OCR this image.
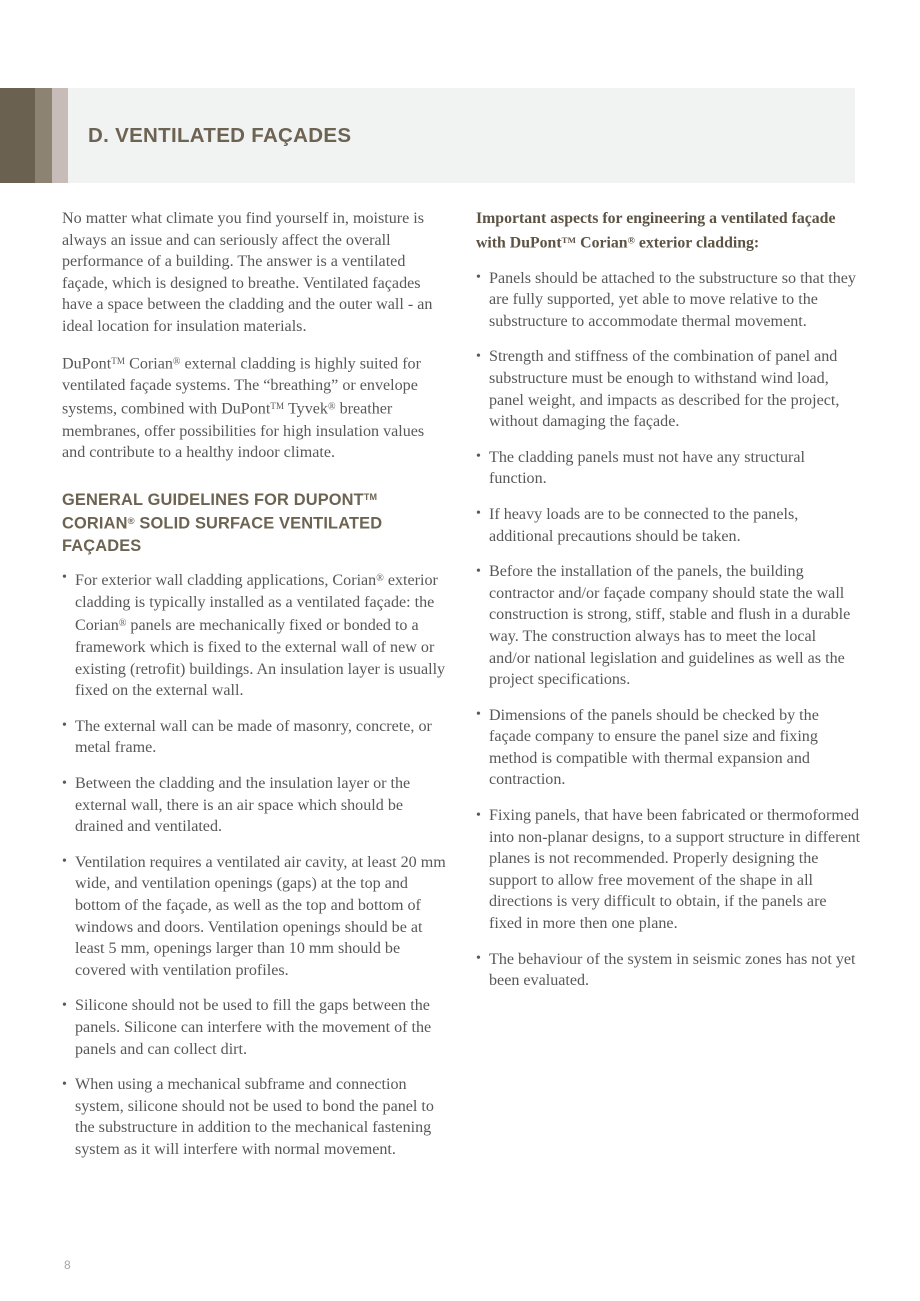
D. VENTILATED FAÇADES

No matter what climate you find yourself in, moisture is always an issue and can seriously affect the overall performance of a building. The answer is a ventilated façade, which is designed to breathe. Ventilated façades have a space between the cladding and the outer wall - an ideal location for insulation materials.

DuPont™ Corian® external cladding is highly suited for ventilated façade systems. The “breathing” or envelope systems, combined with DuPont™ Tyvek® breather membranes, offer possibilities for high insulation values and contribute to a healthy indoor climate.

GENERAL GUIDELINES FOR DUPONT™ CORIAN® SOLID SURFACE VENTILATED FAÇADES
• For exterior wall cladding applications, Corian® exterior cladding is typically installed as a ventilated façade: the Corian® panels are mechanically fixed or bonded to a framework which is fixed to the external wall of new or existing (retrofit) buildings. An insulation layer is usually fixed on the external wall.
• The external wall can be made of masonry, concrete, or metal frame.
• Between the cladding and the insulation layer or the external wall, there is an air space which should be drained and ventilated.
• Ventilation requires a ventilated air cavity, at least 20 mm wide, and ventilation openings (gaps) at the top and bottom of the façade, as well as the top and bottom of windows and doors. Ventilation openings should be at least 5 mm, openings larger than 10 mm should be covered with ventilation profiles.
• Silicone should not be used to fill the gaps between the panels. Silicone can interfere with the movement of the panels and can collect dirt.
• When using a mechanical subframe and connection system, silicone should not be used to bond the panel to the substructure in addition to the mechanical fastening system as it will interfere with normal movement.
Important aspects for engineering a ventilated façade with DuPont™ Corian® exterior cladding:
• Panels should be attached to the substructure so that they are fully supported, yet able to move relative to the substructure to accommodate thermal movement.
• Strength and stiffness of the combination of panel and substructure must be enough to withstand wind load, panel weight, and impacts as described for the project, without damaging the façade.
• The cladding panels must not have any structural function.
• If heavy loads are to be connected to the panels, additional precautions should be taken.
• Before the installation of the panels, the building contractor and/or façade company should state the wall construction is strong, stiff, stable and flush in a durable way. The construction always has to meet the local and/or national legislation and guidelines as well as the project specifications.
• Dimensions of the panels should be checked by the façade company to ensure the panel size and fixing method is compatible with thermal expansion and contraction.
• Fixing panels, that have been fabricated or thermoformed into non-planar designs, to a support structure in different planes is not recommended. Properly designing the support to allow free movement of the shape in all directions is very difficult to obtain, if the panels are fixed in more then one plane.
• The behaviour of the system in seismic zones has not yet been evaluated.
8
